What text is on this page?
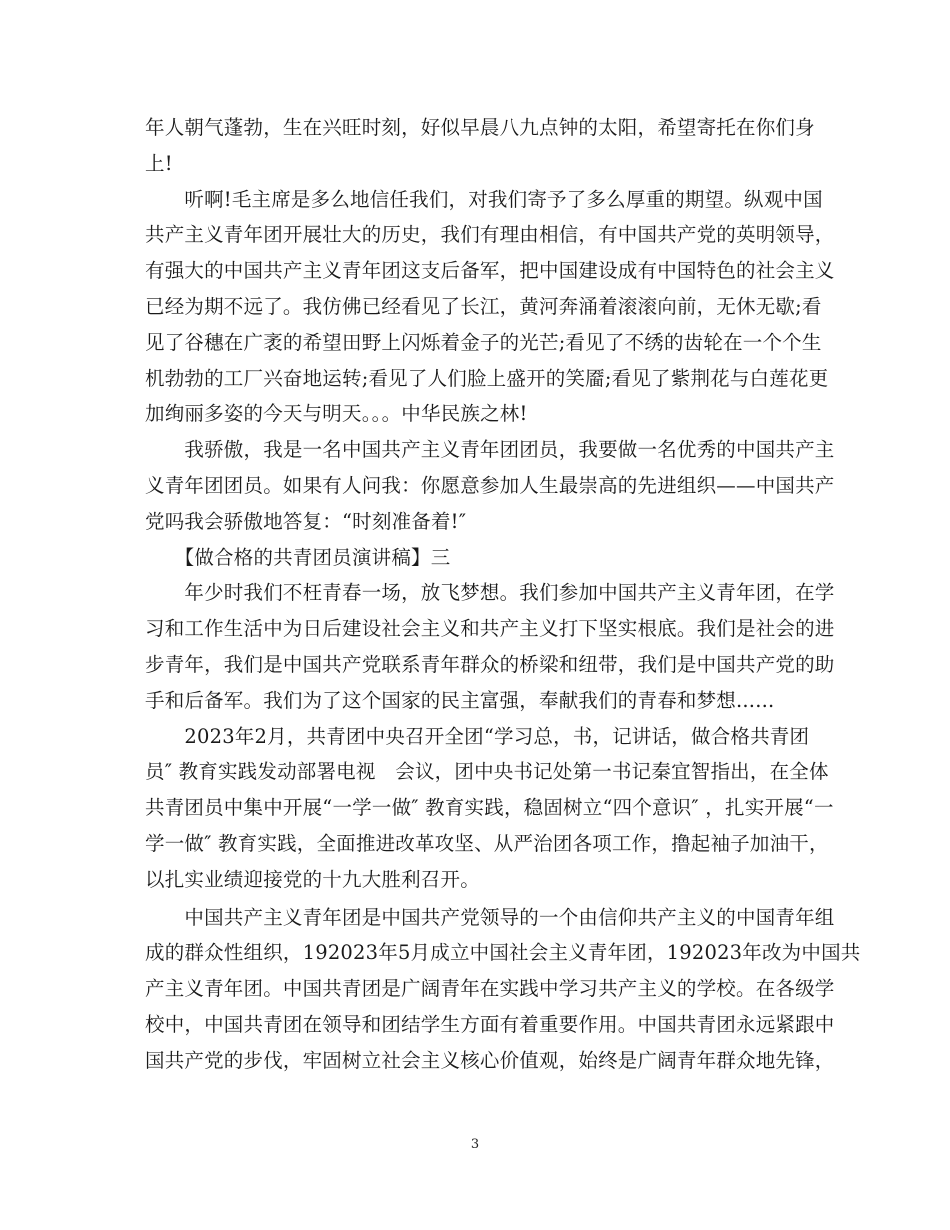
年人朝气蓬勃，生在兴旺时刻，好似早晨八九点钟的太阳，希望寄托在你们身
上!
　　听啊!毛主席是多么地信任我们，对我们寄予了多么厚重的期望。纵观中国
共产主义青年团开展壮大的历史，我们有理由相信，有中国共产党的英明领导，
有强大的中国共产主义青年团这支后备军，把中国建设成有中国特色的社会主义
已经为期不远了。我仿佛已经看见了长江，黄河奔涌着滚滚向前，无休无歇;看
见了谷穗在广袤的希望田野上闪烁着金子的光芒;看见了不绣的齿轮在一个个生
机勃勃的工厂兴奋地运转;看见了人们脸上盛开的笑靥;看见了紫荆花与白莲花更
加绚丽多姿的今天与明天。。。中华民族之林!
　　我骄傲，我是一名中国共产主义青年团团员，我要做一名优秀的中国共产主
义青年团团员。如果有人问我：你愿意参加人生最崇高的先进组织——中国共产
党吗我会骄傲地答复：“时刻准备着!″
　　【做合格的共青团员演讲稿】三
　　年少时我们不枉青春一场，放飞梦想。我们参加中国共产主义青年团，在学
习和工作生活中为日后建设社会主义和共产主义打下坚实根底。我们是社会的进
步青年，我们是中国共产党联系青年群众的桥梁和纽带，我们是中国共产党的助
手和后备军。我们为了这个国家的民主富强，奉献我们的青春和梦想......
　　2023年2月，共青团中央召开全团“学习总，书，记讲话，做合格共青团
员″ 教育实践发动部署电视　会议，团中央书记处第一书记秦宜智指出，在全体
共青团员中集中开展“一学一做″ 教育实践，稳固树立“四个意识″ ，扎实开展“一
学一做″ 教育实践，全面推进改革攻坚、从严治团各项工作，撸起袖子加油干，
以扎实业绩迎接党的十九大胜利召开。
　　中国共产主义青年团是中国共产党领导的一个由信仰共产主义的中国青年组
成的群众性组织，192023年5月成立中国社会主义青年团，192023年改为中国共
产主义青年团。中国共青团是广阔青年在实践中学习共产主义的学校。在各级学
校中，中国共青团在领导和团结学生方面有着重要作用。中国共青团永远紧跟中
国共产党的步伐，牢固树立社会主义核心价值观，始终是广阔青年群众地先锋，
3
